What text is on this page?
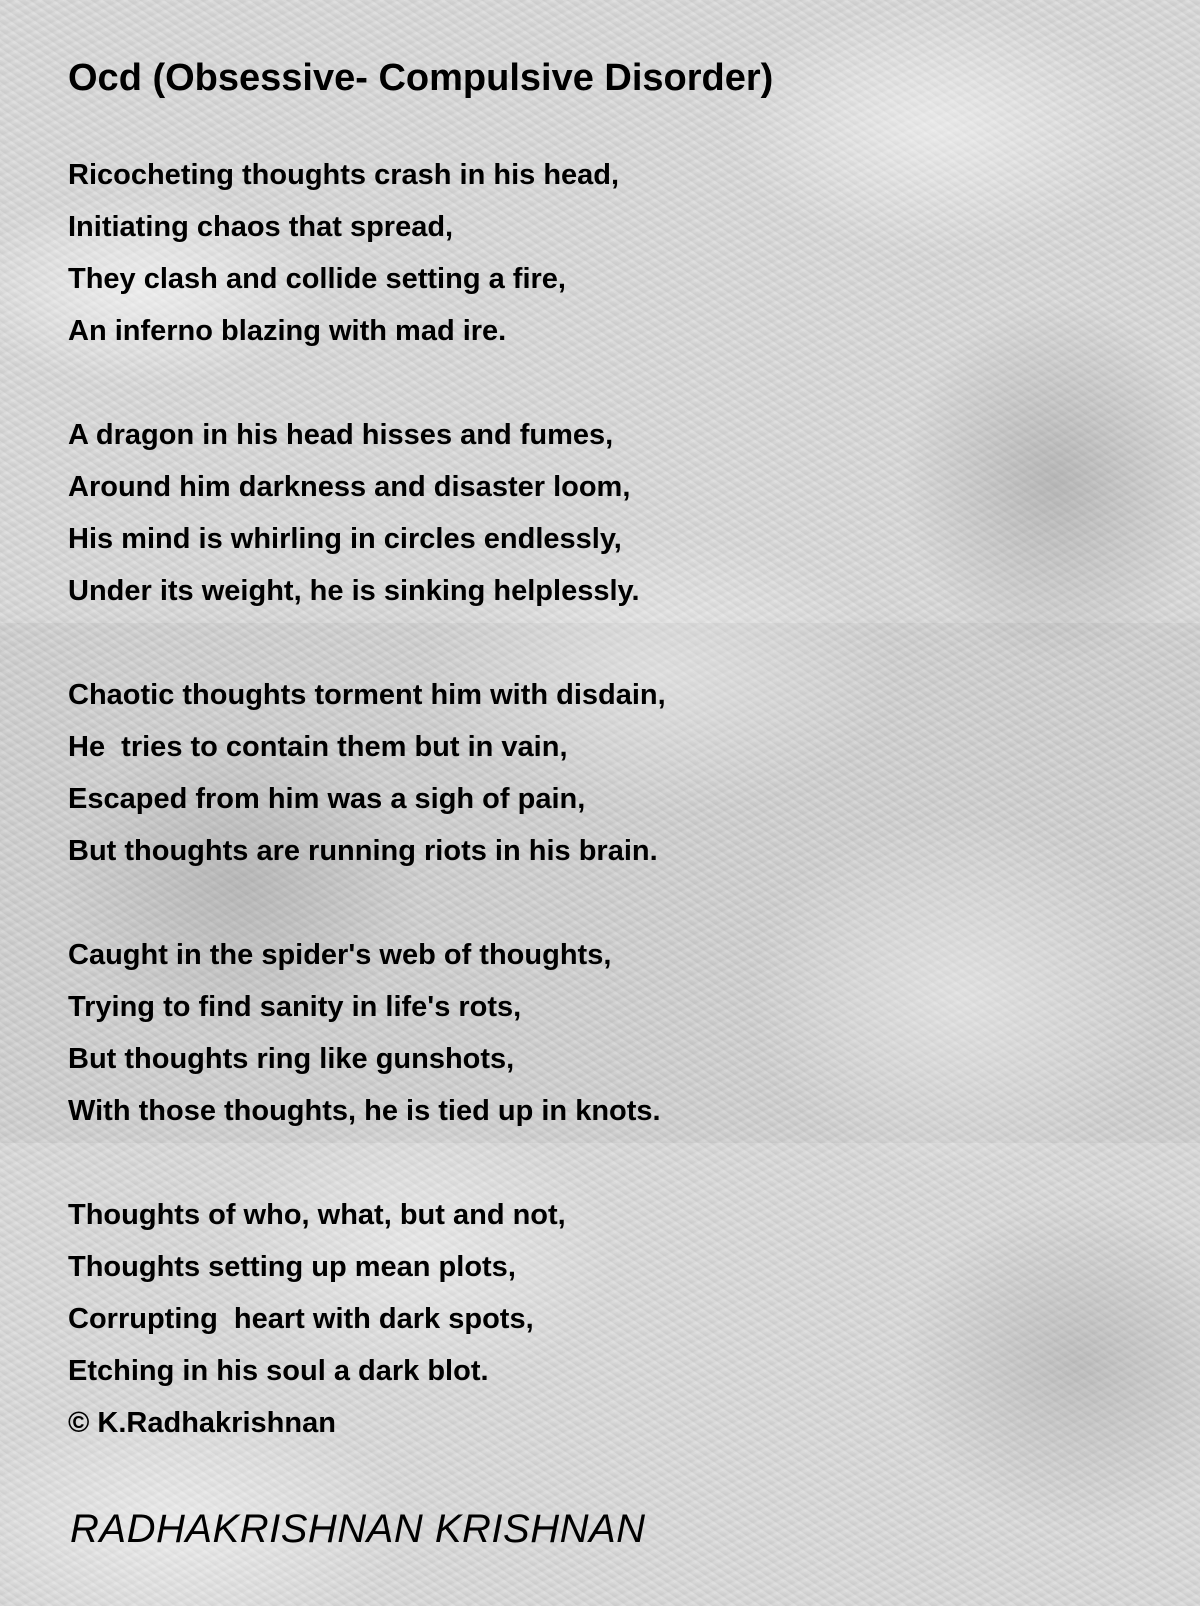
Ocd (Obsessive- Compulsive Disorder)
Ricocheting thoughts crash in his head,
Initiating chaos that spread,
They clash and collide setting a fire,
An inferno blazing with mad ire.
A dragon in his head hisses and fumes,
Around him darkness and disaster loom,
His mind is whirling in circles endlessly,
Under its weight, he is sinking helplessly.
Chaotic thoughts torment him with disdain,
He  tries to contain them but in vain,
Escaped from him was a sigh of pain,
But thoughts are running riots in his brain.
Caught in the spider's web of thoughts,
Trying to find sanity in life's rots,
But thoughts ring like gunshots,
With those thoughts, he is tied up in knots.
Thoughts of who, what, but and not,
Thoughts setting up mean plots,
Corrupting  heart with dark spots,
Etching in his soul a dark blot.
© K.Radhakrishnan
RADHAKRISHNAN KRISHNAN
